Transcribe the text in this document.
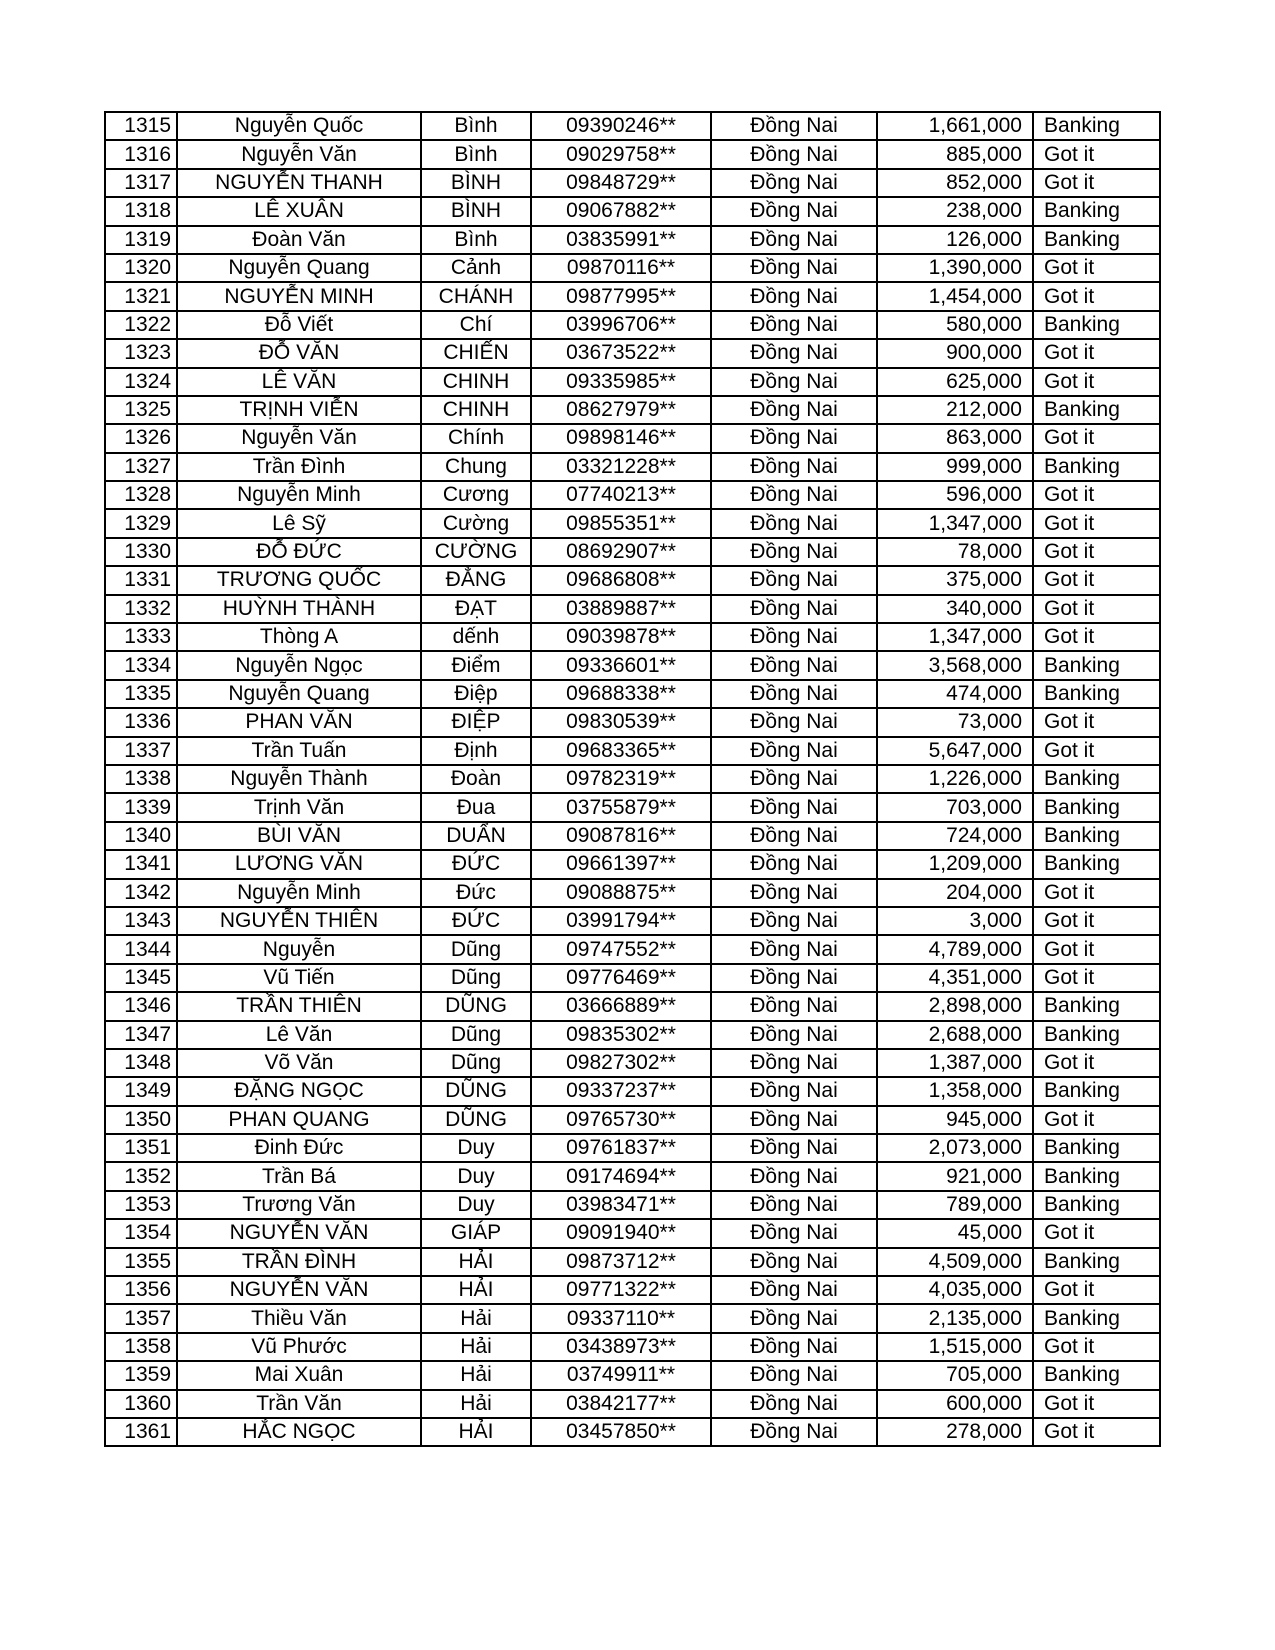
1315	Nguyễn Quốc	Bình	09390246**	Đồng Nai	1,661,000	Banking
1316	Nguyễn Văn	Bình	09029758**	Đồng Nai	885,000	Got it
1317	NGUYỄN THANH	BÌNH	09848729**	Đồng Nai	852,000	Got it
1318	LÊ XUÂN	BÌNH	09067882**	Đồng Nai	238,000	Banking
1319	Đoàn Văn	Bình	03835991**	Đồng Nai	126,000	Banking
1320	Nguyễn Quang	Cảnh	09870116**	Đồng Nai	1,390,000	Got it
1321	NGUYỄN MINH	CHÁNH	09877995**	Đồng Nai	1,454,000	Got it
1322	Đỗ Viết	Chí	03996706**	Đồng Nai	580,000	Banking
1323	ĐỖ VĂN	CHIẾN	03673522**	Đồng Nai	900,000	Got it
1324	LÊ VĂN	CHINH	09335985**	Đồng Nai	625,000	Got it
1325	TRỊNH VIỄN	CHINH	08627979**	Đồng Nai	212,000	Banking
1326	Nguyễn Văn	Chính	09898146**	Đồng Nai	863,000	Got it
1327	Trần Đình	Chung	03321228**	Đồng Nai	999,000	Banking
1328	Nguyễn Minh	Cương	07740213**	Đồng Nai	596,000	Got it
1329	Lê Sỹ	Cường	09855351**	Đồng Nai	1,347,000	Got it
1330	ĐỖ ĐỨC	CƯỜNG	08692907**	Đồng Nai	78,000	Got it
1331	TRƯƠNG QUỐC	ĐẲNG	09686808**	Đồng Nai	375,000	Got it
1332	HUỲNH THÀNH	ĐẠT	03889887**	Đồng Nai	340,000	Got it
1333	Thòng A	dếnh	09039878**	Đồng Nai	1,347,000	Got it
1334	Nguyễn Ngọc	Điểm	09336601**	Đồng Nai	3,568,000	Banking
1335	Nguyễn Quang	Điệp	09688338**	Đồng Nai	474,000	Banking
1336	PHAN VĂN	ĐIỆP	09830539**	Đồng Nai	73,000	Got it
1337	Trần Tuấn	Định	09683365**	Đồng Nai	5,647,000	Got it
1338	Nguyễn Thành	Đoàn	09782319**	Đồng Nai	1,226,000	Banking
1339	Trịnh Văn	Đua	03755879**	Đồng Nai	703,000	Banking
1340	BÙI VĂN	DUẨN	09087816**	Đồng Nai	724,000	Banking
1341	LƯƠNG VĂN	ĐỨC	09661397**	Đồng Nai	1,209,000	Banking
1342	Nguyễn Minh	Đức	09088875**	Đồng Nai	204,000	Got it
1343	NGUYỄN THIÊN	ĐỨC	03991794**	Đồng Nai	3,000	Got it
1344	Nguyễn	Dũng	09747552**	Đồng Nai	4,789,000	Got it
1345	Vũ Tiến	Dũng	09776469**	Đồng Nai	4,351,000	Got it
1346	TRẦN THIÊN	DŨNG	03666889**	Đồng Nai	2,898,000	Banking
1347	Lê Văn	Dũng	09835302**	Đồng Nai	2,688,000	Banking
1348	Võ Văn	Dũng	09827302**	Đồng Nai	1,387,000	Got it
1349	ĐẶNG NGỌC	DŨNG	09337237**	Đồng Nai	1,358,000	Banking
1350	PHAN QUANG	DŨNG	09765730**	Đồng Nai	945,000	Got it
1351	Đinh Đức	Duy	09761837**	Đồng Nai	2,073,000	Banking
1352	Trần Bá	Duy	09174694**	Đồng Nai	921,000	Banking
1353	Trương Văn	Duy	03983471**	Đồng Nai	789,000	Banking
1354	NGUYỄN VĂN	GIÁP	09091940**	Đồng Nai	45,000	Got it
1355	TRẦN ĐÌNH	HẢI	09873712**	Đồng Nai	4,509,000	Banking
1356	NGUYỄN VĂN	HẢI	09771322**	Đồng Nai	4,035,000	Got it
1357	Thiều Văn	Hải	09337110**	Đồng Nai	2,135,000	Banking
1358	Vũ Phước	Hải	03438973**	Đồng Nai	1,515,000	Got it
1359	Mai Xuân	Hải	03749911**	Đồng Nai	705,000	Banking
1360	Trần Văn	Hải	03842177**	Đồng Nai	600,000	Got it
1361	HẮC NGỌC	HẢI	03457850**	Đồng Nai	278,000	Got it
